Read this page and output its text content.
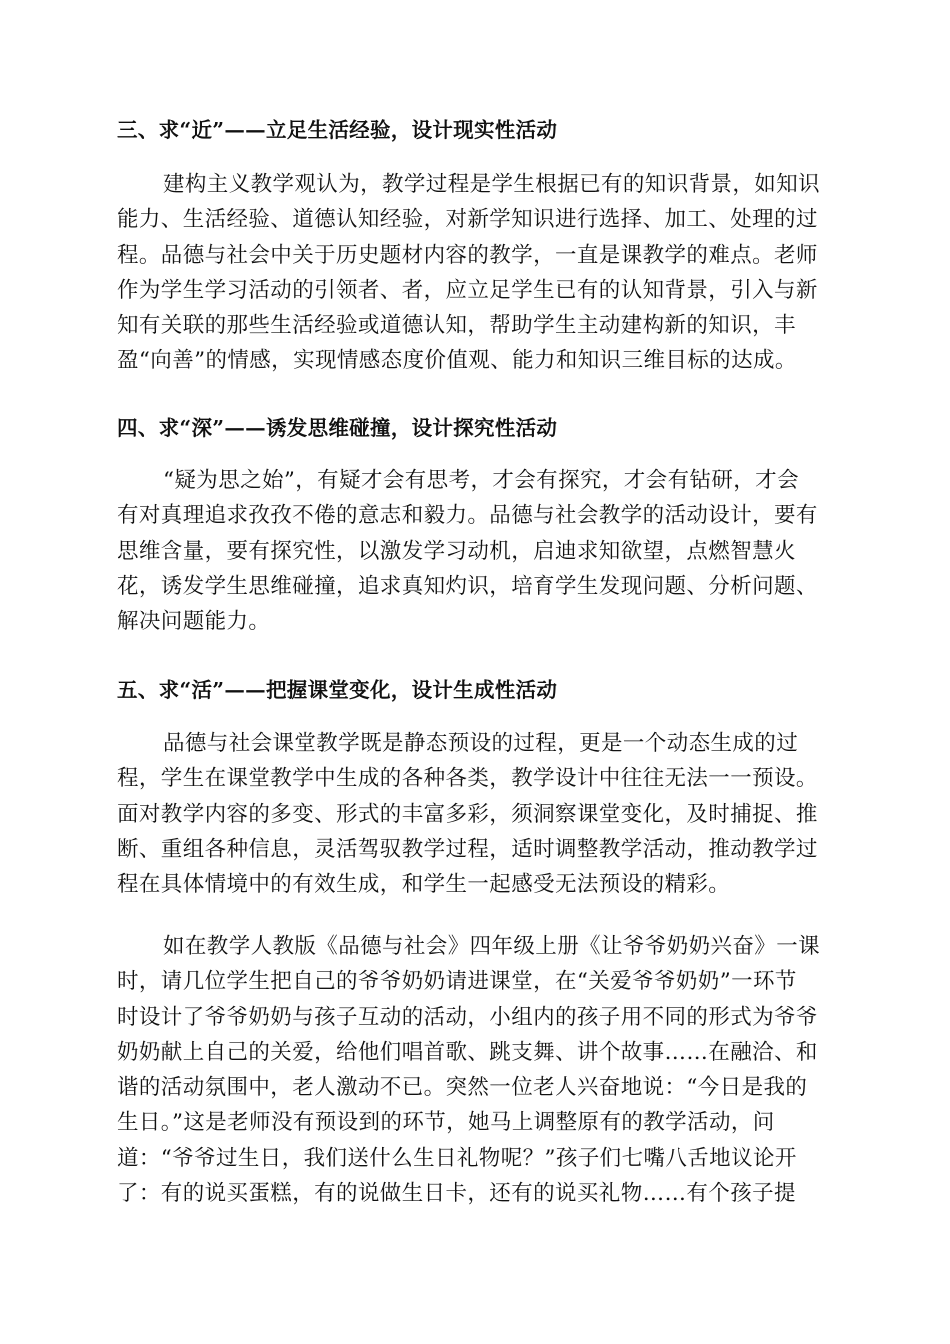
三、求“近”——立足生活经验，设计现实性活动
建构主义教学观认为，教学过程是学生根据已有的知识背景，如知识
能力、生活经验、道德认知经验，对新学知识进行选择、加工、处理的过
程。品德与社会中关于历史题材内容的教学，一直是课教学的难点。老师
作为学生学习活动的引领者、者，应立足学生已有的认知背景，引入与新
知有关联的那些生活经验或道德认知，帮助学生主动建构新的知识，丰
盈“向善”的情感，实现情感态度价值观、能力和知识三维目标的达成。
四、求“深”——诱发思维碰撞，设计探究性活动
“疑为思之始”，有疑才会有思考，才会有探究，才会有钻研，才会
有对真理追求孜孜不倦的意志和毅力。品德与社会教学的活动设计，要有
思维含量，要有探究性，以激发学习动机，启迪求知欲望，点燃智慧火
花，诱发学生思维碰撞，追求真知灼识，培育学生发现问题、分析问题、
解决问题能力。
五、求“活”——把握课堂变化，设计生成性活动
品德与社会课堂教学既是静态预设的过程，更是一个动态生成的过
程，学生在课堂教学中生成的各种各类，教学设计中往往无法一一预设。
面对教学内容的多变、形式的丰富多彩，须洞察课堂变化，及时捕捉、推
断、重组各种信息，灵活驾驭教学过程，适时调整教学活动，推动教学过
程在具体情境中的有效生成，和学生一起感受无法预设的精彩。
如在教学人教版《品德与社会》四年级上册《让爷爷奶奶兴奋》一课
时，请几位学生把自己的爷爷奶奶请进课堂，在“关爱爷爷奶奶”一环节
时设计了爷爷奶奶与孩子互动的活动，小组内的孩子用不同的形式为爷爷
奶奶献上自己的关爱，给他们唱首歌、跳支舞、讲个故事……在融洽、和
谐的活动氛围中，老人激动不已。突然一位老人兴奋地说：“今日是我的
生日。”这是老师没有预设到的环节，她马上调整原有的教学活动，问
道：“爷爷过生日，我们送什么生日礼物呢？”孩子们七嘴八舌地议论开
了：有的说买蛋糕，有的说做生日卡，还有的说买礼物……有个孩子提
